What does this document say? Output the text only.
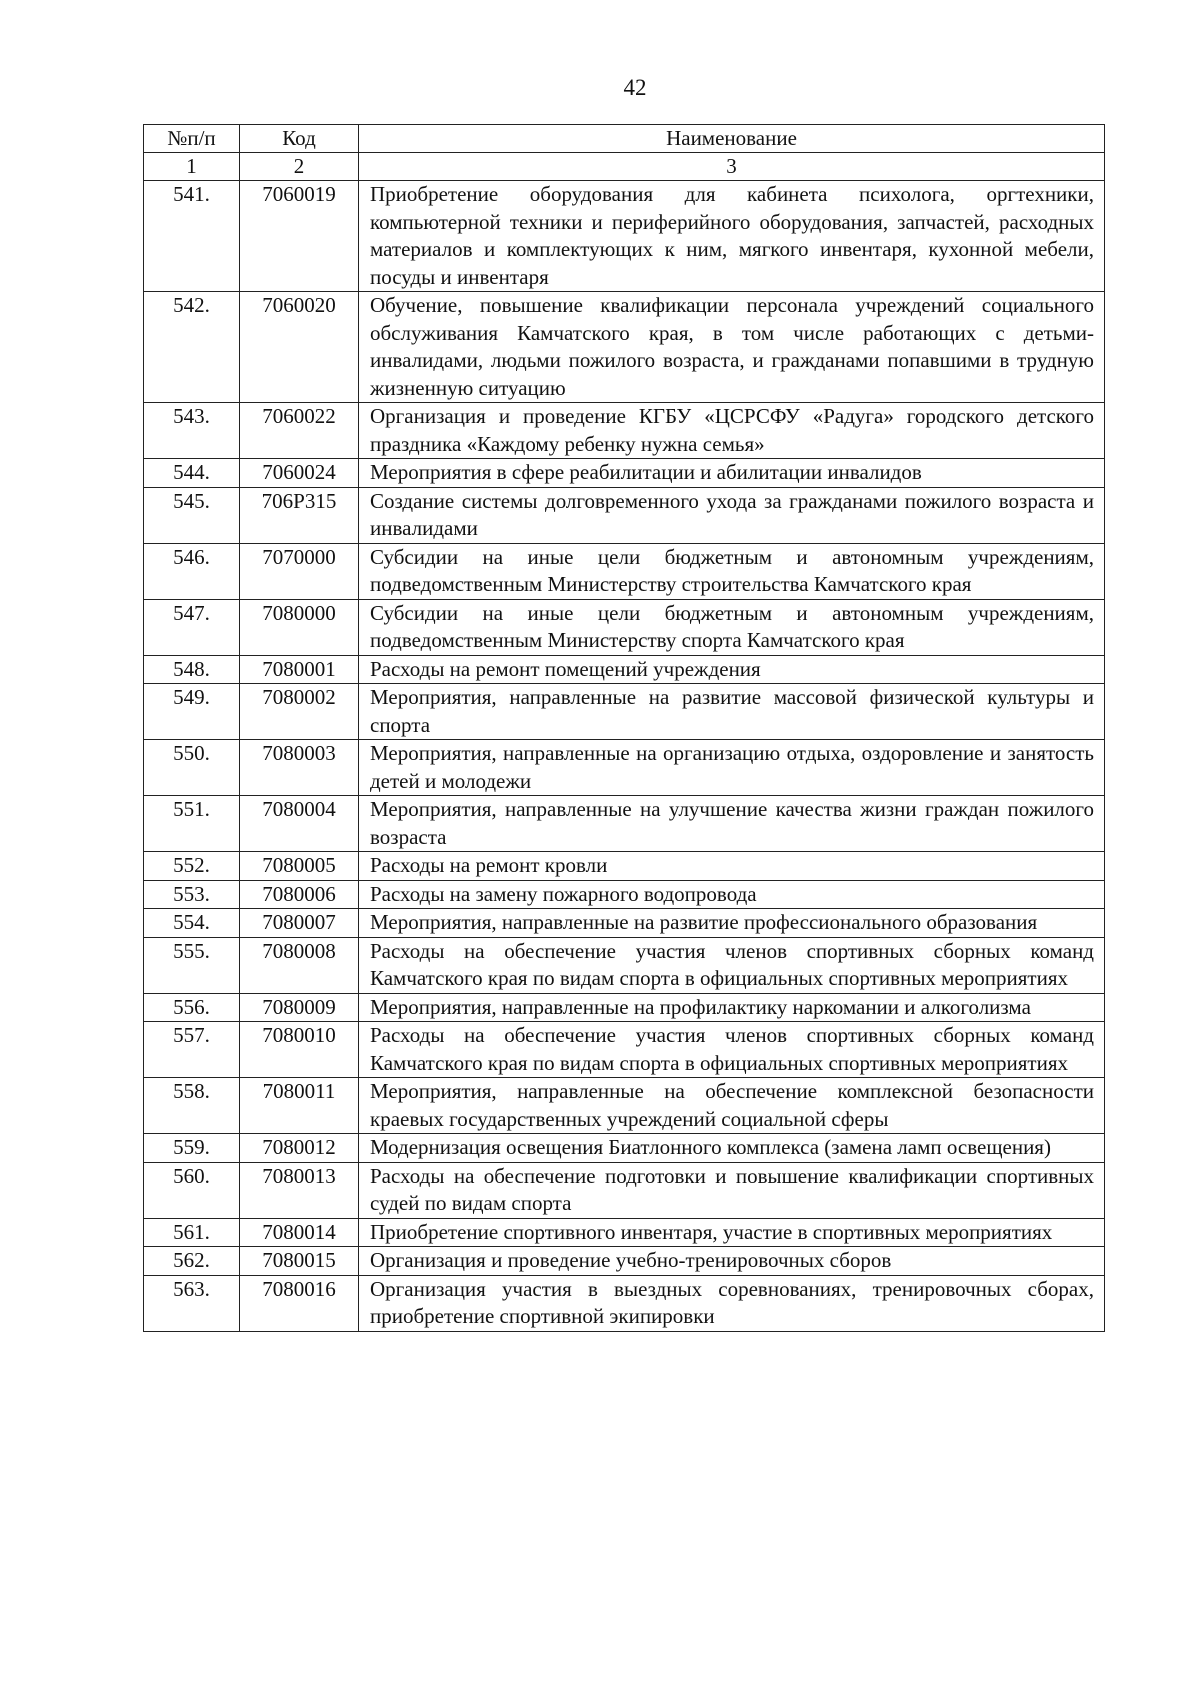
42
№п/п	Код	Наименование
1	2	3
541.	7060019	Приобретение оборудования для кабинета психолога, оргтехники, компьютерной техники и периферийного оборудования, запчастей, расходных материалов и комплектующих к ним, мягкого инвентаря, кухонной мебели, посуды и инвентаря
542.	7060020	Обучение, повышение квалификации персонала учреждений социального обслуживания Камчатского края, в том числе работающих с детьми-инвалидами, людьми пожилого возраста, и гражданами попавшими в трудную жизненную ситуацию
543.	7060022	Организация и проведение КГБУ «ЦСРСФУ «Радуга» городского детского праздника «Каждому ребенку нужна семья»
544.	7060024	Мероприятия в сфере реабилитации и абилитации инвалидов
545.	706P315	Создание системы долговременного ухода за гражданами пожилого возраста и инвалидами
546.	7070000	Субсидии на иные цели бюджетным и автономным учреждениям, подведомственным Министерству строительства Камчатского края
547.	7080000	Субсидии на иные цели бюджетным и автономным учреждениям, подведомственным Министерству спорта Камчатского края
548.	7080001	Расходы на ремонт помещений учреждения
549.	7080002	Мероприятия, направленные на развитие массовой физической культуры и спорта
550.	7080003	Мероприятия, направленные на организацию отдыха, оздоровление и занятость детей и молодежи
551.	7080004	Мероприятия, направленные на улучшение качества жизни граждан пожилого возраста
552.	7080005	Расходы на ремонт кровли
553.	7080006	Расходы на замену пожарного водопровода
554.	7080007	Мероприятия, направленные на развитие профессионального образования
555.	7080008	Расходы на обеспечение участия членов спортивных сборных команд Камчатского края по видам спорта в официальных спортивных мероприятиях
556.	7080009	Мероприятия, направленные на профилактику наркомании и алкоголизма
557.	7080010	Расходы на обеспечение участия членов спортивных сборных команд Камчатского края по видам спорта в официальных спортивных мероприятиях
558.	7080011	Мероприятия, направленные на обеспечение комплексной безопасности краевых государственных учреждений социальной сферы
559.	7080012	Модернизация освещения Биатлонного комплекса (замена ламп освещения)
560.	7080013	Расходы на обеспечение подготовки и повышение квалификации спортивных судей по видам спорта
561.	7080014	Приобретение спортивного инвентаря, участие в спортивных мероприятиях
562.	7080015	Организация и проведение учебно-тренировочных сборов
563.	7080016	Организация участия в выездных соревнованиях, тренировочных сборах, приобретение спортивной экипировки
